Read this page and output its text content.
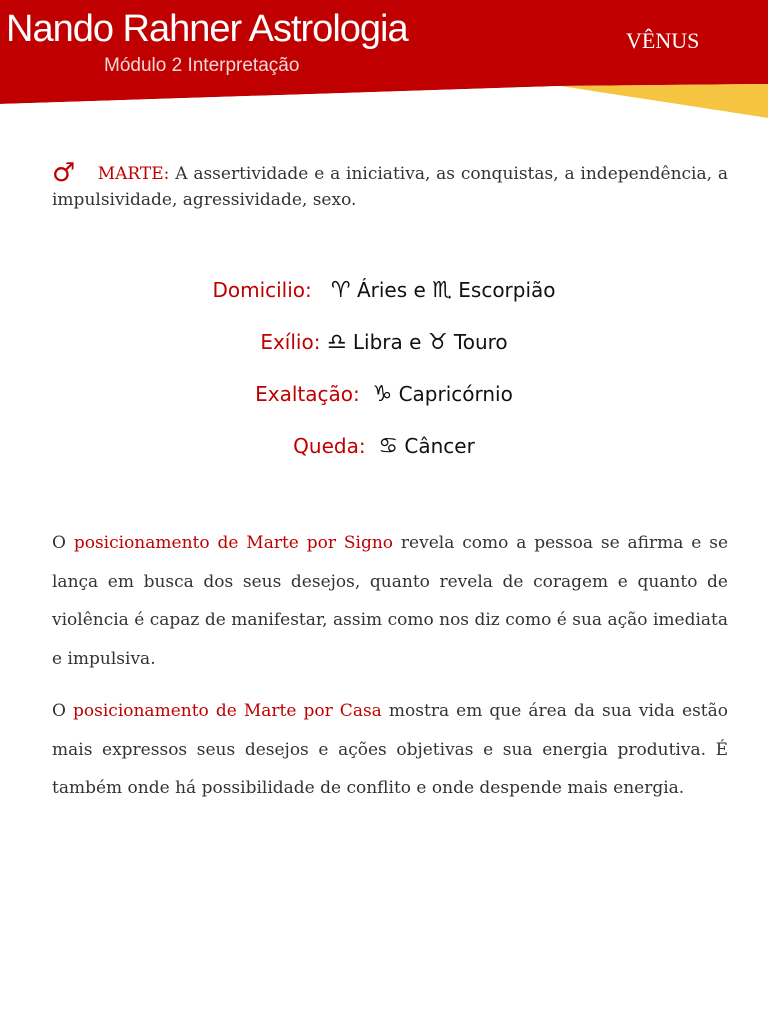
Nando Rahner Astrologia
Módulo 2 Interpretação
VÊNUS
♂ MARTE: A assertividade e a iniciativa, as conquistas, a independência, a impulsividade, agressividade, sexo.
Domicilio: ♈ Áries e ♏ Escorpião
Exílio: ♎ Libra e ♉ Touro
Exaltação: ♑ Capricórnio
Queda: ♋ Câncer

O posicionamento de Marte por Signo revela como a pessoa se afirma e se lança em busca dos seus desejos, quanto revela de coragem e quanto de violência é capaz de manifestar, assim como nos diz como é sua ação imediata e impulsiva.

O posicionamento de Marte por Casa mostra em que área da sua vida estão mais expressos seus desejos e ações objetivas e sua energia produtiva. É também onde há possibilidade de conflito e onde despende mais energia.
